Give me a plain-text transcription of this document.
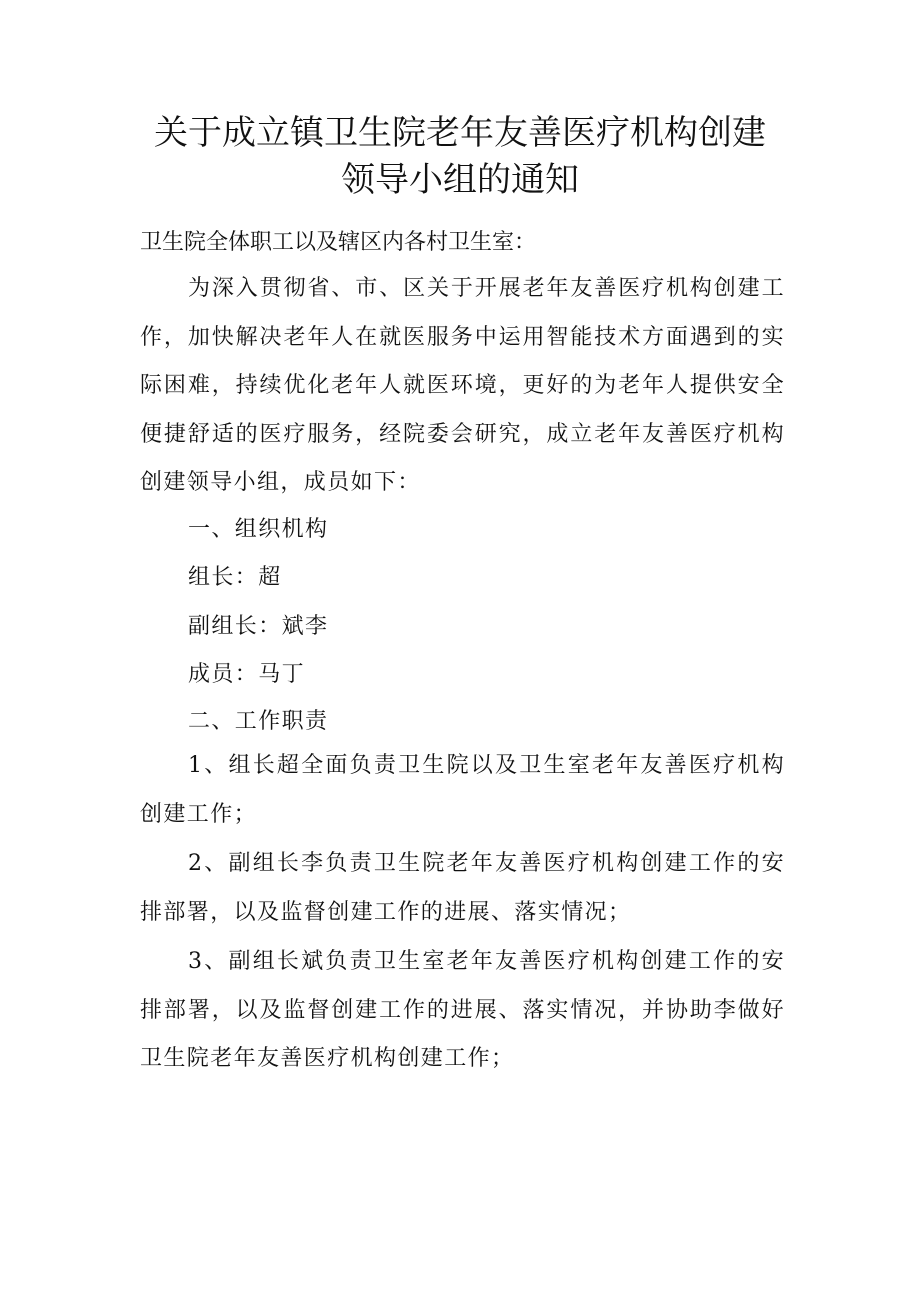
关于成立镇卫生院老年友善医疗机构创建
领导小组的通知
卫生院全体职工以及辖区内各村卫生室：
为深入贯彻省、市、区关于开展老年友善医疗机构创建工作，加快解决老年人在就医服务中运用智能技术方面遇到的实际困难，持续优化老年人就医环境，更好的为老年人提供安全便捷舒适的医疗服务，经院委会研究，成立老年友善医疗机构创建领导小组，成员如下：
一、组织机构
组长：超
副组长：斌李
成员：马丁
二、工作职责
1、组长超全面负责卫生院以及卫生室老年友善医疗机构创建工作；
2、副组长李负责卫生院老年友善医疗机构创建工作的安排部署，以及监督创建工作的进展、落实情况；
3、副组长斌负责卫生室老年友善医疗机构创建工作的安排部署，以及监督创建工作的进展、落实情况，并协助李做好卫生院老年友善医疗机构创建工作；
